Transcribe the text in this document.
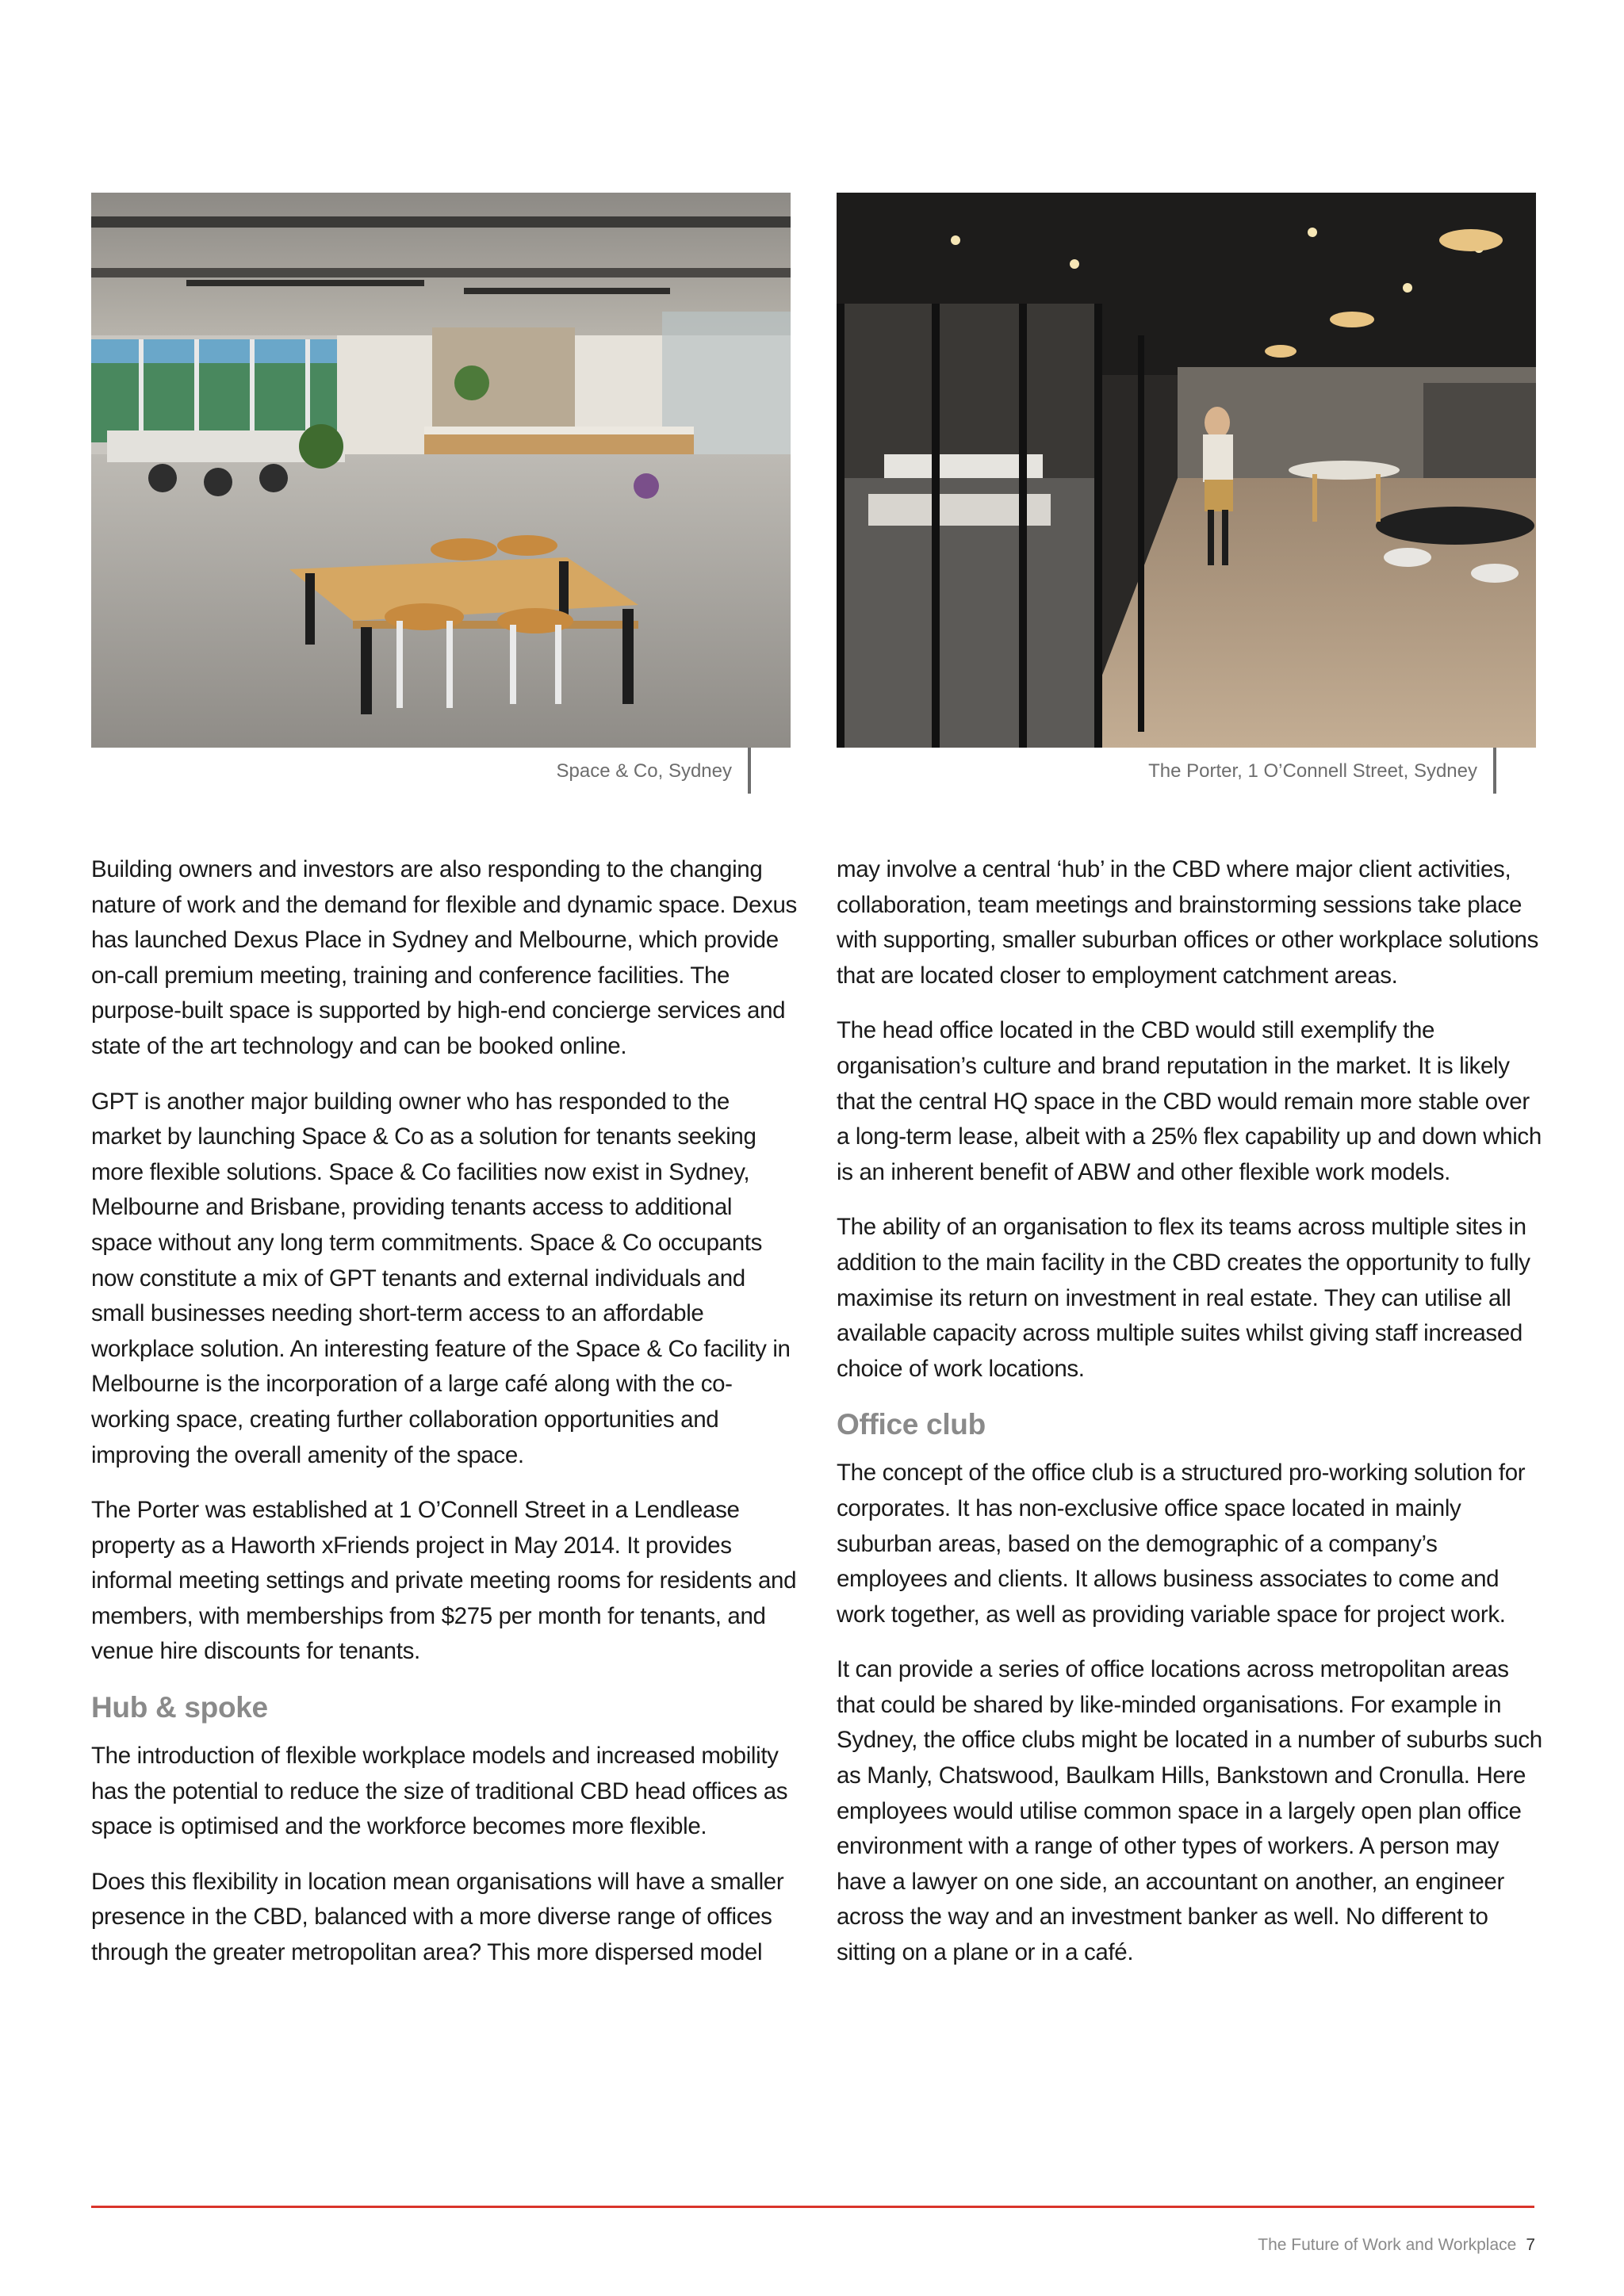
Space & Co, Sydney	The Porter, 1 O’Connell Street, Sydney

Building owners and investors are also responding to the changing nature of work and the demand for flexible and dynamic space. Dexus has launched Dexus Place in Sydney and Melbourne, which provide on-call premium meeting, training and conference facilities. The purpose-built space is supported by high-end concierge services and state of the art technology and can be booked online.

GPT is another major building owner who has responded to the market by launching Space & Co as a solution for tenants seeking more flexible solutions. Space & Co facilities now exist in Sydney, Melbourne and Brisbane, providing tenants access to additional space without any long term commitments. Space & Co occupants now constitute a mix of GPT tenants and external individuals and small businesses needing short-term access to an affordable workplace solution. An interesting feature of the Space & Co facility in Melbourne is the incorporation of a large café along with the co-working space, creating further collaboration opportunities and improving the overall amenity of the space.

The Porter was established at 1 O’Connell Street in a Lendlease property as a Haworth xFriends project in May 2014. It provides informal meeting settings and private meeting rooms for residents and members, with memberships from $275 per month for tenants, and venue hire discounts for tenants.

Hub & spoke

The introduction of flexible workplace models and increased mobility has the potential to reduce the size of traditional CBD head offices as space is optimised and the workforce becomes more flexible.

Does this flexibility in location mean organisations will have a smaller presence in the CBD, balanced with a more diverse range of offices through the greater metropolitan area? This more dispersed model

may involve a central ‘hub’ in the CBD where major client activities, collaboration, team meetings and brainstorming sessions take place with supporting, smaller suburban offices or other workplace solutions that are located closer to employment catchment areas.

The head office located in the CBD would still exemplify the organisation’s culture and brand reputation in the market. It is likely that the central HQ space in the CBD would remain more stable over a long-term lease, albeit with a 25% flex capability up and down which is an inherent benefit of ABW and other flexible work models.

The ability of an organisation to flex its teams across multiple sites in addition to the main facility in the CBD creates the opportunity to fully maximise its return on investment in real estate. They can utilise all available capacity across multiple suites whilst giving staff increased choice of work locations.

Office club

The concept of the office club is a structured pro-working solution for corporates. It has non-exclusive office space located in mainly suburban areas, based on the demographic of a company’s employees and clients. It allows business associates to come and work together, as well as providing variable space for project work.

It can provide a series of office locations across metropolitan areas that could be shared by like-minded organisations. For example in Sydney, the office clubs might be located in a number of suburbs such as Manly, Chatswood, Baulkam Hills, Bankstown and Cronulla. Here employees would utilise common space in a largely open plan office environment with a range of other types of workers. A person may have a lawyer on one side, an accountant on another, an engineer across the way and an investment banker as well. No different to sitting on a plane or in a café.

The Future of Work and Workplace 7
